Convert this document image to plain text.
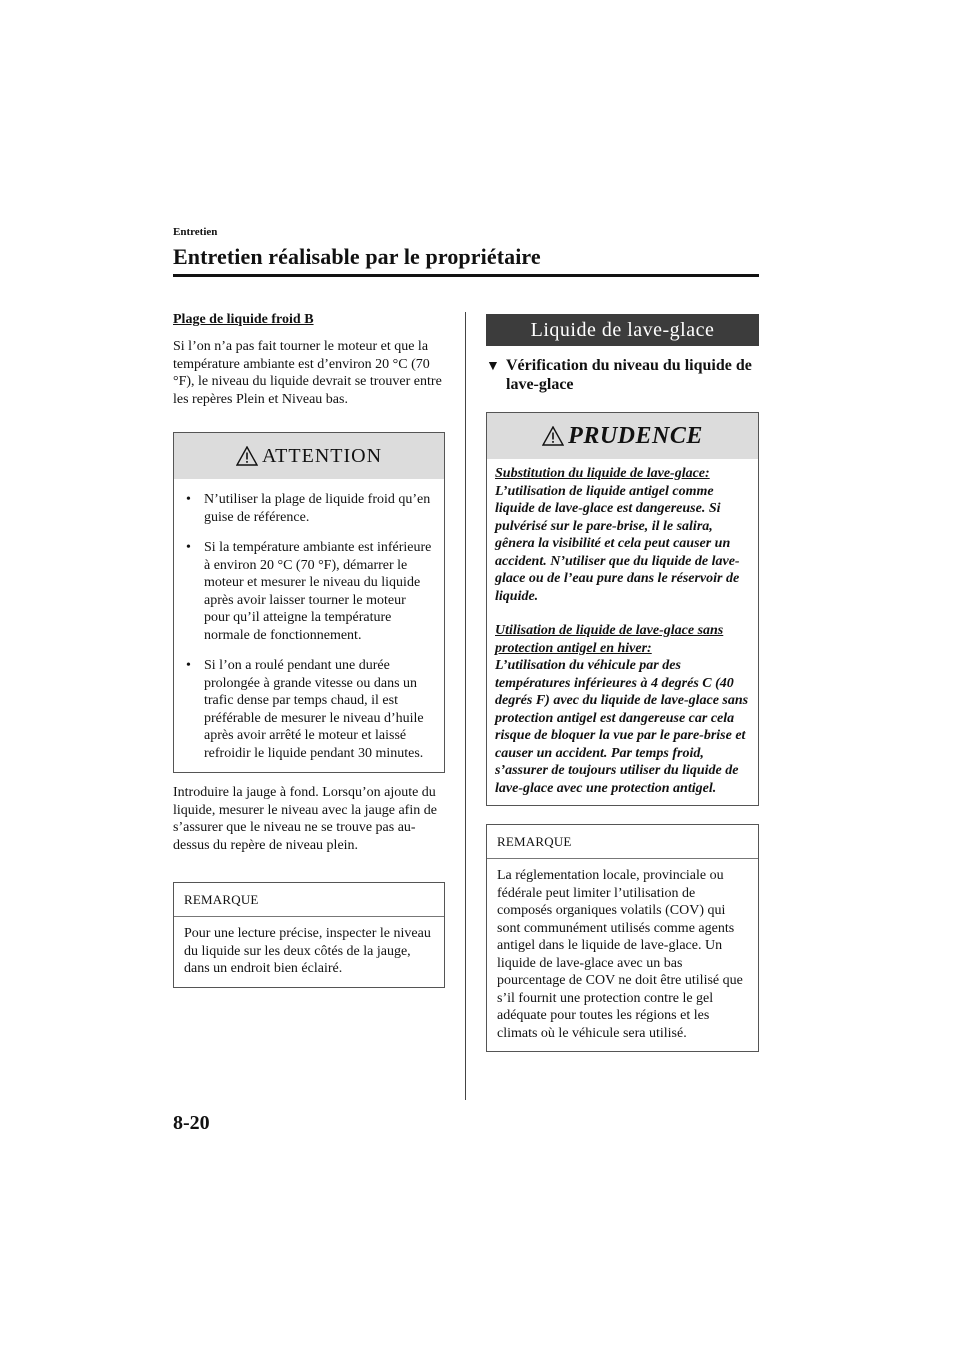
Entretien
Entretien réalisable par le propriétaire

Plage de liquide froid B

Si l’on n’a pas fait tourner le moteur et que la température ambiante est d’environ 20 °C (70 °F), le niveau du liquide devrait se trouver entre les repères Plein et Niveau bas.

ATTENTION
• N’utiliser la plage de liquide froid qu’en guise de référence.
• Si la température ambiante est inférieure à environ 20 °C (70 °F), démarrer le moteur et mesurer le niveau du liquide après avoir laisser tourner le moteur pour qu’il atteigne la température normale de fonctionnement.
• Si l’on a roulé pendant une durée prolongée à grande vitesse ou dans un trafic dense par temps chaud, il est préférable de mesurer le niveau d’huile après avoir arrêté le moteur et laissé refroidir le liquide pendant 30 minutes.

Introduire la jauge à fond. Lorsqu’on ajoute du liquide, mesurer le niveau avec la jauge afin de s’assurer que le niveau ne se trouve pas au-dessus du repère de niveau plein.

REMARQUE
Pour une lecture précise, inspecter le niveau du liquide sur les deux côtés de la jauge, dans un endroit bien éclairé.
Liquide de lave-glace
▼ Vérification du niveau du liquide de lave-glace
PRUDENCE
Substitution du liquide de lave-glace:
L’utilisation de liquide antigel comme liquide de lave-glace est dangereuse. Si pulvérisé sur le pare-brise, il le salira, gênera la visibilité et cela peut causer un accident. N’utiliser que du liquide de lave-glace ou de l’eau pure dans le réservoir de liquide.
Utilisation de liquide de lave-glace sans protection antigel en hiver:
L’utilisation du véhicule par des températures inférieures à 4 degrés C (40 degrés F) avec du liquide de lave-glace sans protection antigel est dangereuse car cela risque de bloquer la vue par le pare-brise et causer un accident. Par temps froid, s’assurer de toujours utiliser du liquide de lave-glace avec une protection antigel.
REMARQUE
La réglementation locale, provinciale ou fédérale peut limiter l’utilisation de composés organiques volatils (COV) qui sont communément utilisés comme agents antigel dans le liquide de lave-glace. Un liquide de lave-glace avec un bas pourcentage de COV ne doit être utilisé que s’il fournit une protection contre le gel adéquate pour toutes les régions et les climats où le véhicule sera utilisé.
8-20
